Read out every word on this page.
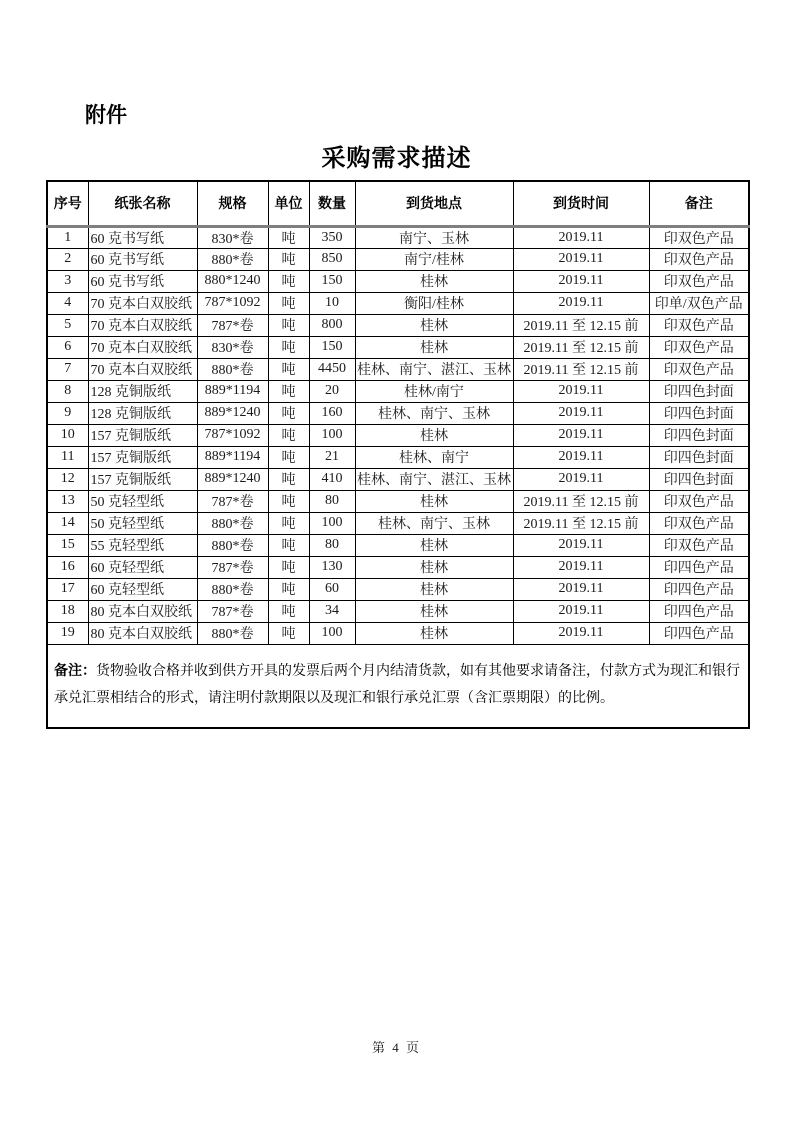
附件
采购需求描述
序号	纸张名称	规格	单位	数量	到货地点	到货时间	备注
1	60 克书写纸	830*卷	吨	350	南宁、玉林	2019.11	印双色产品
2	60 克书写纸	880*卷	吨	850	南宁/桂林	2019.11	印双色产品
3	60 克书写纸	880*1240	吨	150	桂林	2019.11	印双色产品
4	70 克本白双胶纸	787*1092	吨	10	衡阳/桂林	2019.11	印单/双色产品
5	70 克本白双胶纸	787*卷	吨	800	桂林	2019.11 至 12.15 前	印双色产品
6	70 克本白双胶纸	830*卷	吨	150	桂林	2019.11 至 12.15 前	印双色产品
7	70 克本白双胶纸	880*卷	吨	4450	桂林、南宁、湛江、玉林	2019.11 至 12.15 前	印双色产品
8	128 克铜版纸	889*1194	吨	20	桂林/南宁	2019.11	印四色封面
9	128 克铜版纸	889*1240	吨	160	桂林、南宁、玉林	2019.11	印四色封面
10	157 克铜版纸	787*1092	吨	100	桂林	2019.11	印四色封面
11	157 克铜版纸	889*1194	吨	21	桂林、南宁	2019.11	印四色封面
12	157 克铜版纸	889*1240	吨	410	桂林、南宁、湛江、玉林	2019.11	印四色封面
13	50 克轻型纸	787*卷	吨	80	桂林	2019.11 至 12.15 前	印双色产品
14	50 克轻型纸	880*卷	吨	100	桂林、南宁、玉林	2019.11 至 12.15 前	印双色产品
15	55 克轻型纸	880*卷	吨	80	桂林	2019.11	印双色产品
16	60 克轻型纸	787*卷	吨	130	桂林	2019.11	印四色产品
17	60 克轻型纸	880*卷	吨	60	桂林	2019.11	印四色产品
18	80 克本白双胶纸	787*卷	吨	34	桂林	2019.11	印四色产品
19	80 克本白双胶纸	880*卷	吨	100	桂林	2019.11	印四色产品
备注：货物验收合格并收到供方开具的发票后两个月内结清货款，如有其他要求请备注，付款方式为现汇和银行承兑汇票相结合的形式，请注明付款期限以及现汇和银行承兑汇票（含汇票期限）的比例。							
第 4 页
